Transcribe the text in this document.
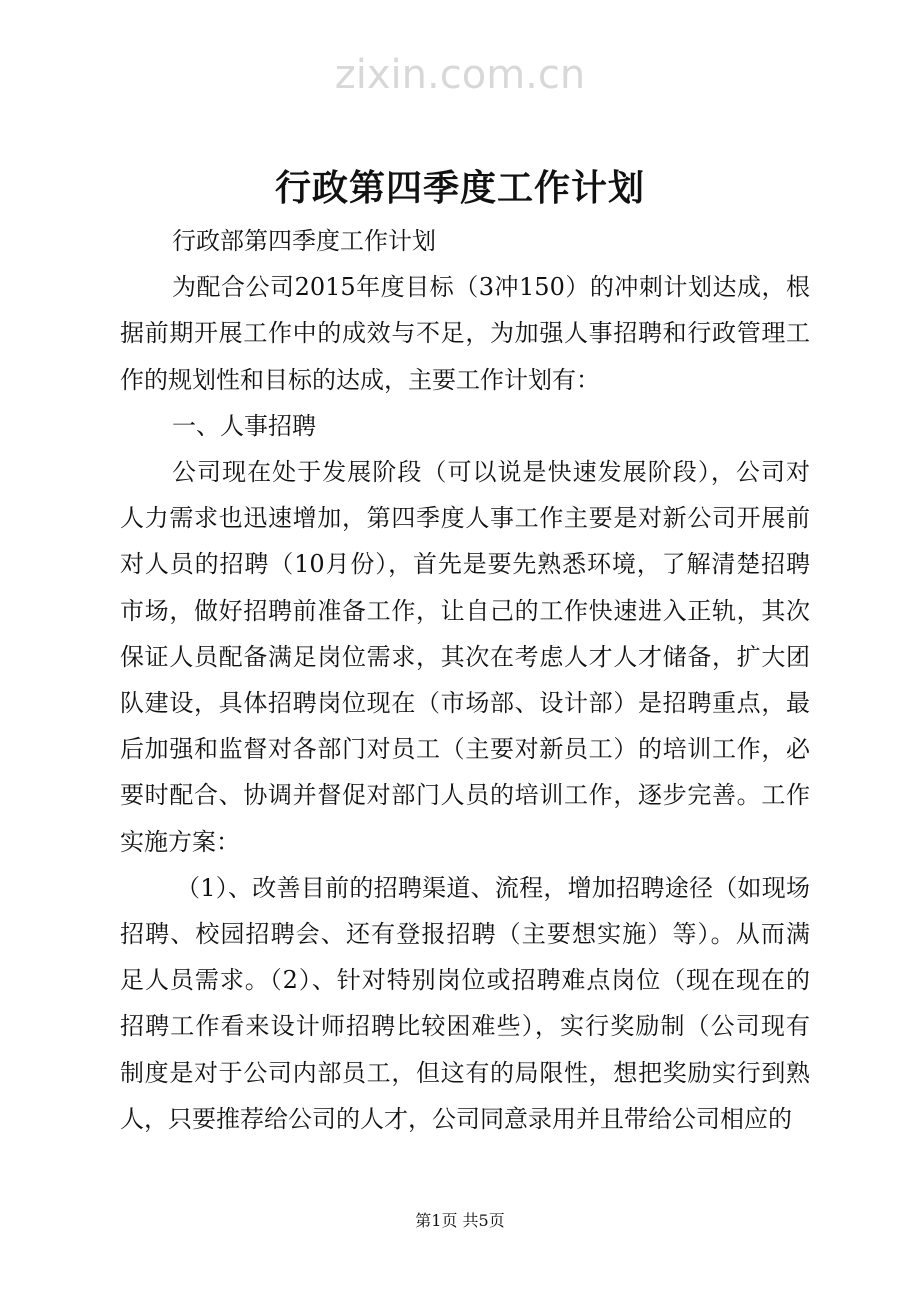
zixin.com.cn
行政第四季度工作计划
行政部第四季度工作计划
为配合公司2015年度目标（3冲150）的冲刺计划达成，根
据前期开展工作中的成效与不足，为加强人事招聘和行政管理工
作的规划性和目标的达成，主要工作计划有：
一、人事招聘
公司现在处于发展阶段（可以说是快速发展阶段），公司对
人力需求也迅速增加，第四季度人事工作主要是对新公司开展前
对人员的招聘（10月份），首先是要先熟悉环境，了解清楚招聘
市场，做好招聘前准备工作，让自己的工作快速进入正轨，其次
保证人员配备满足岗位需求，其次在考虑人才人才储备，扩大团
队建设，具体招聘岗位现在（市场部、设计部）是招聘重点，最
后加强和监督对各部门对员工（主要对新员工）的培训工作，必
要时配合、协调并督促对部门人员的培训工作，逐步完善。工作
实施方案：
（1）、改善目前的招聘渠道、流程，增加招聘途径（如现场
招聘、校园招聘会、还有登报招聘（主要想实施）等）。从而满
足人员需求。（2）、针对特别岗位或招聘难点岗位（现在现在的
招聘工作看来设计师招聘比较困难些），实行奖励制（公司现有
制度是对于公司内部员工，但这有的局限性，想把奖励实行到熟
人，只要推荐给公司的人才，公司同意录用并且带给公司相应的
第1页 共5页
